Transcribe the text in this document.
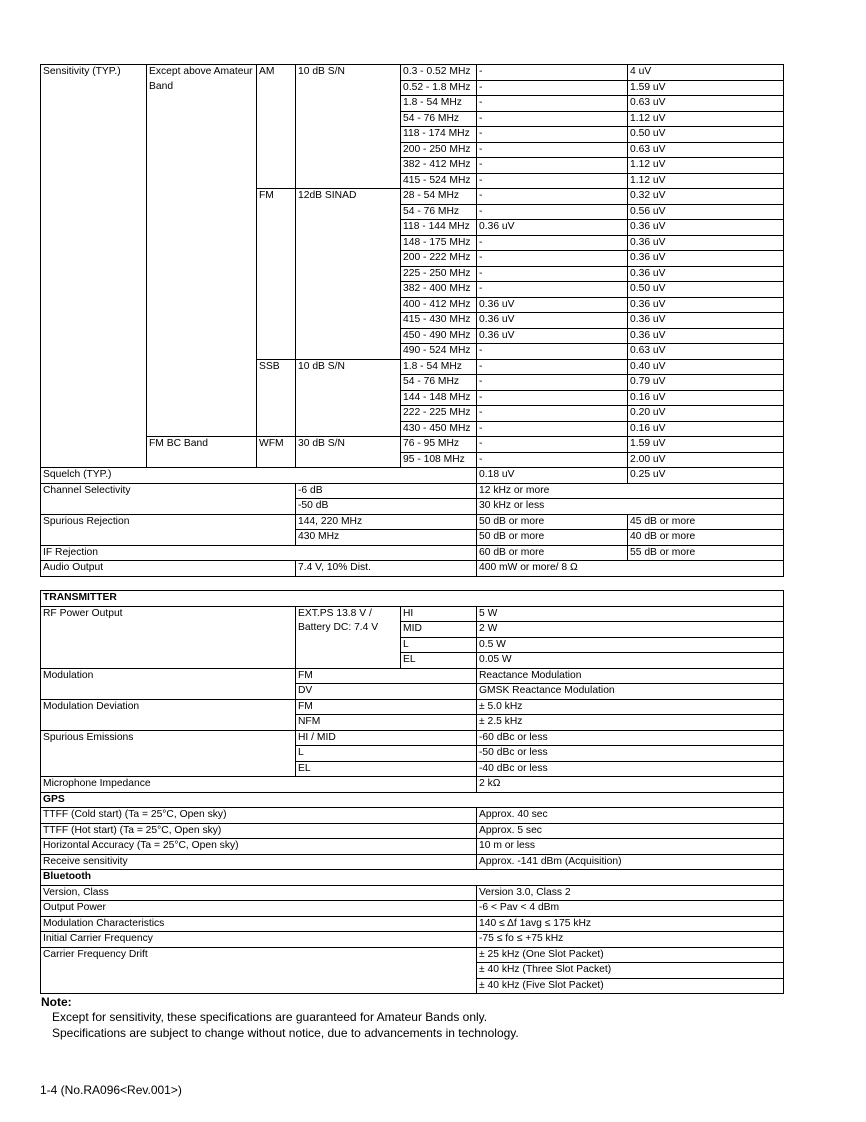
Sensitivity (TYP.)	Except above Amateur Band	AM	10 dB S/N	0.3 - 0.52 MHz	-	4 uV
				0.52 - 1.8 MHz	-	1.59 uV
				1.8 - 54 MHz	-	0.63 uV
				54 - 76 MHz	-	1.12 uV
				118 - 174 MHz	-	0.50 uV
				200 - 250 MHz	-	0.63 uV
				382 - 412 MHz	-	1.12 uV
				415 - 524 MHz	-	1.12 uV
		FM	12dB SINAD	28 - 54 MHz	-	0.32 uV
				54 - 76 MHz	-	0.56 uV
				118 - 144 MHz	0.36 uV	0.36 uV
				148 - 175 MHz	-	0.36 uV
				200 - 222 MHz	-	0.36 uV
				225 - 250 MHz	-	0.36 uV
				382 - 400 MHz	-	0.50 uV
				400 - 412 MHz	0.36 uV	0.36 uV
				415 - 430 MHz	0.36 uV	0.36 uV
				450 - 490 MHz	0.36 uV	0.36 uV
				490 - 524 MHz	-	0.63 uV
		SSB	10 dB S/N	1.8 - 54 MHz	-	0.40 uV
				54 - 76 MHz	-	0.79 uV
				144 - 148 MHz	-	0.16 uV
				222 - 225 MHz	-	0.20 uV
				430 - 450 MHz	-	0.16 uV
	FM BC Band	WFM	30 dB S/N	76 - 95 MHz	-	1.59 uV
				95 - 108 MHz	-	2.00 uV
Squelch (TYP.)					0.18 uV	0.25 uV
Channel Selectivity			-6 dB		12 kHz or more	
			-50 dB		30 kHz or less	
Spurious Rejection			144, 220 MHz		50 dB or more	45 dB or more
			430 MHz		50 dB or more	40 dB or more
IF Rejection					60 dB or more	55 dB or more
Audio Output			7.4 V, 10% Dist.		400 mW or more/ 8 Ω	
TRANSMITTER			
RF Power Output	EXT.PS 13.8 V / Battery DC: 7.4 V	HI	5 W
		MID	2 W
		L	0.5 W
		EL	0.05 W
Modulation	FM		Reactance Modulation
	DV		GMSK Reactance Modulation
Modulation Deviation	FM		± 5.0 kHz
	NFM		± 2.5 kHz
Spurious Emissions	HI / MID		-60 dBc or less
	L		-50 dBc or less
	EL		-40 dBc or less
Microphone Impedance			2 kΩ
GPS			
TTFF (Cold start) (Ta = 25°C, Open sky)			Approx. 40 sec
TTFF (Hot start) (Ta = 25°C, Open sky)			Approx. 5 sec
Horizontal Accuracy (Ta = 25°C, Open sky)			10 m or less
Receive sensitivity			Approx. -141 dBm (Acquisition)
Bluetooth			
Version, Class			Version 3.0, Class 2
Output Power			-6 < Pav < 4 dBm
Modulation Characteristics			140 ≤ Δf 1avg ≤ 175 kHz
Initial Carrier Frequency			-75 ≤ fo ≤ +75 kHz
Carrier Frequency Drift			± 25 kHz (One Slot Packet)
			± 40 kHz (Three Slot Packet)
			± 40 kHz (Five Slot Packet)
Note:
Except for sensitivity, these specifications are guaranteed for Amateur Bands only.
Specifications are subject to change without notice, due to advancements in technology.
1-4 (No.RA096<Rev.001>)
